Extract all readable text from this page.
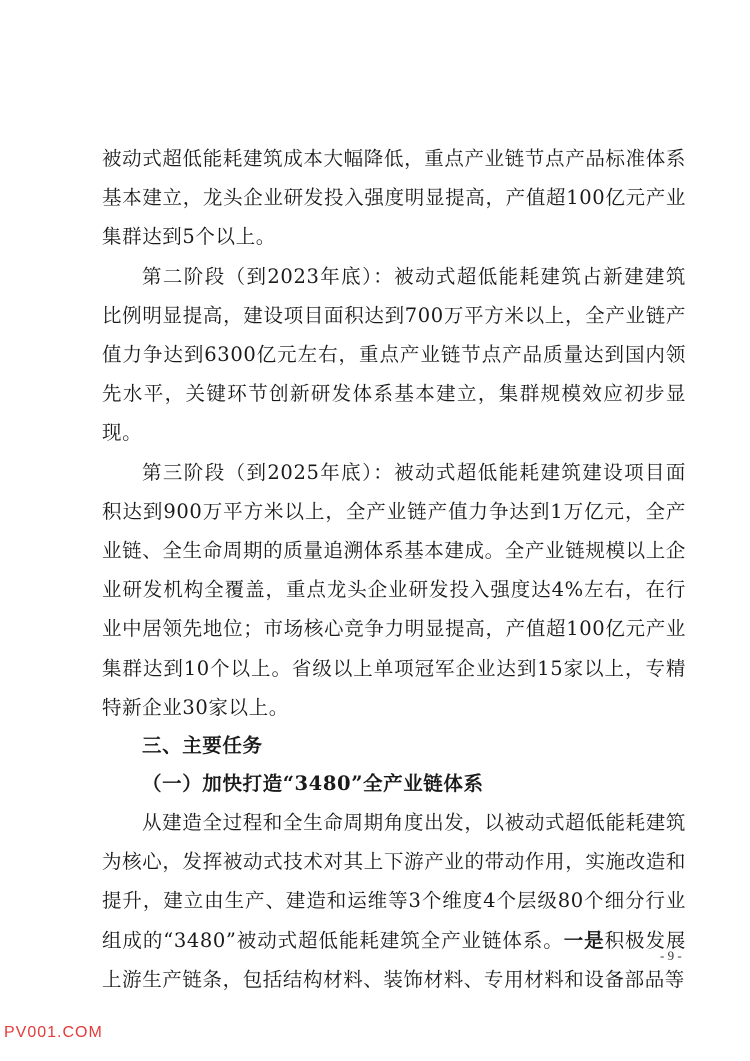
被动式超低能耗建筑成本大幅降低，重点产业链节点产品标准体系基本建立，龙头企业研发投入强度明显提高，产值超100亿元产业集群达到5个以上。

第二阶段（到2023年底）：被动式超低能耗建筑占新建建筑比例明显提高，建设项目面积达到700万平方米以上，全产业链产值力争达到6300亿元左右，重点产业链节点产品质量达到国内领先水平，关键环节创新研发体系基本建立，集群规模效应初步显现。

第三阶段（到2025年底）：被动式超低能耗建筑建设项目面积达到900万平方米以上，全产业链产值力争达到1万亿元，全产业链、全生命周期的质量追溯体系基本建成。全产业链规模以上企业研发机构全覆盖，重点龙头企业研发投入强度达4%左右，在行业中居领先地位；市场核心竞争力明显提高，产值超100亿元产业集群达到10个以上。省级以上单项冠军企业达到15家以上，专精特新企业30家以上。

三、主要任务

（一）加快打造“3480”全产业链体系

从建造全过程和全生命周期角度出发，以被动式超低能耗建筑为核心，发挥被动式技术对其上下游产业的带动作用，实施改造和提升，建立由生产、建造和运维等3个维度4个层级80个细分行业组成的“3480”被动式超低能耗建筑全产业链体系。一是积极发展上游生产链条，包括结构材料、装饰材料、专用材料和设备部品等

- 9 -
PV001.COM
